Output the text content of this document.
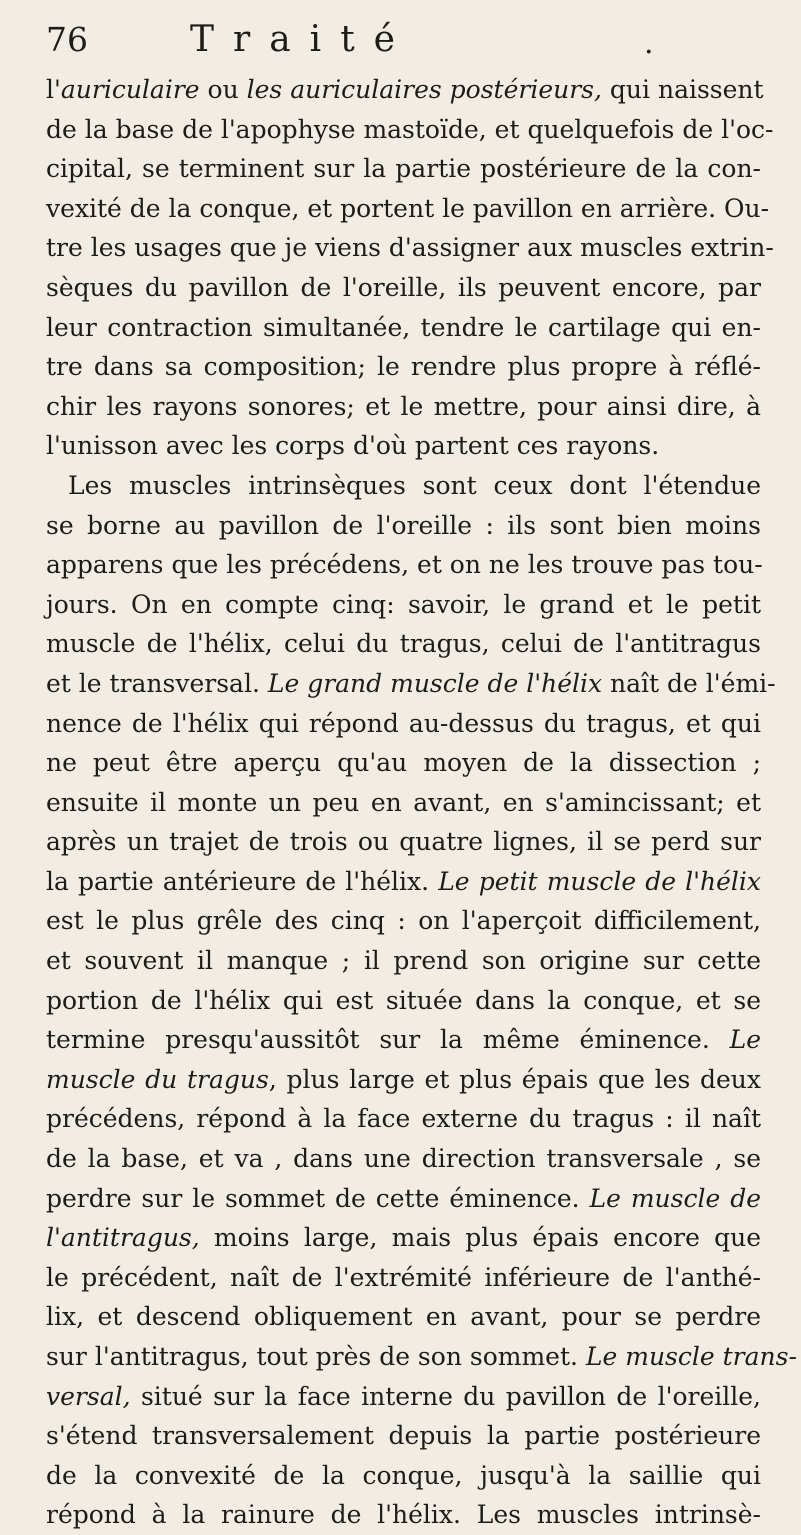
76	Traité	.
l'auriculaire ou les auriculaires postérieurs, qui naissent
de la base de l'apophyse mastoïde, et quelquefois de l'oc-
cipital, se terminent sur la partie postérieure de la con-
vexité de la conque, et portent le pavillon en arrière. Ou-
tre les usages que je viens d'assigner aux muscles extrin-
sèques du pavillon de l'oreille, ils peuvent encore, par
leur contraction simultanée, tendre le cartilage qui en-
tre dans sa composition; le rendre plus propre à réflé-
chir les rayons sonores; et le mettre, pour ainsi dire, à
l'unisson avec les corps d'où partent ces rayons.
Les muscles intrinsèques sont ceux dont l'étendue
se borne au pavillon de l'oreille : ils sont bien moins
apparens que les précédens, et on ne les trouve pas tou-
jours. On en compte cinq: savoir, le grand et le petit
muscle de l'hélix, celui du tragus, celui de l'antitragus
et le transversal. Le grand muscle de l'hélix naît de l'émi-
nence de l'hélix qui répond au-dessus du tragus, et qui
ne peut être aperçu qu'au moyen de la dissection ;
ensuite il monte un peu en avant, en s'amincissant; et
après un trajet de trois ou quatre lignes, il se perd sur
la partie antérieure de l'hélix. Le petit muscle de l'hélix
est le plus grêle des cinq : on l'aperçoit difficilement,
et souvent il manque ; il prend son origine sur cette
portion de l'hélix qui est située dans la conque, et se
termine presqu'aussitôt sur la même éminence. Le
muscle du tragus, plus large et plus épais que les deux
précédens, répond à la face externe du tragus : il naît
de la base, et va , dans une direction transversale , se
perdre sur le sommet de cette éminence. Le muscle de
l'antitragus, moins large, mais plus épais encore que
le précédent, naît de l'extrémité inférieure de l'anthé-
lix, et descend obliquement en avant, pour se perdre
sur l'antitragus, tout près de son sommet. Le muscle trans-
versal, situé sur la face interne du pavillon de l'oreille,
s'étend transversalement depuis la partie postérieure
de la convexité de la conque, jusqu'à la saillie qui
répond à la rainure de l'hélix. Les muscles intrinsè-
